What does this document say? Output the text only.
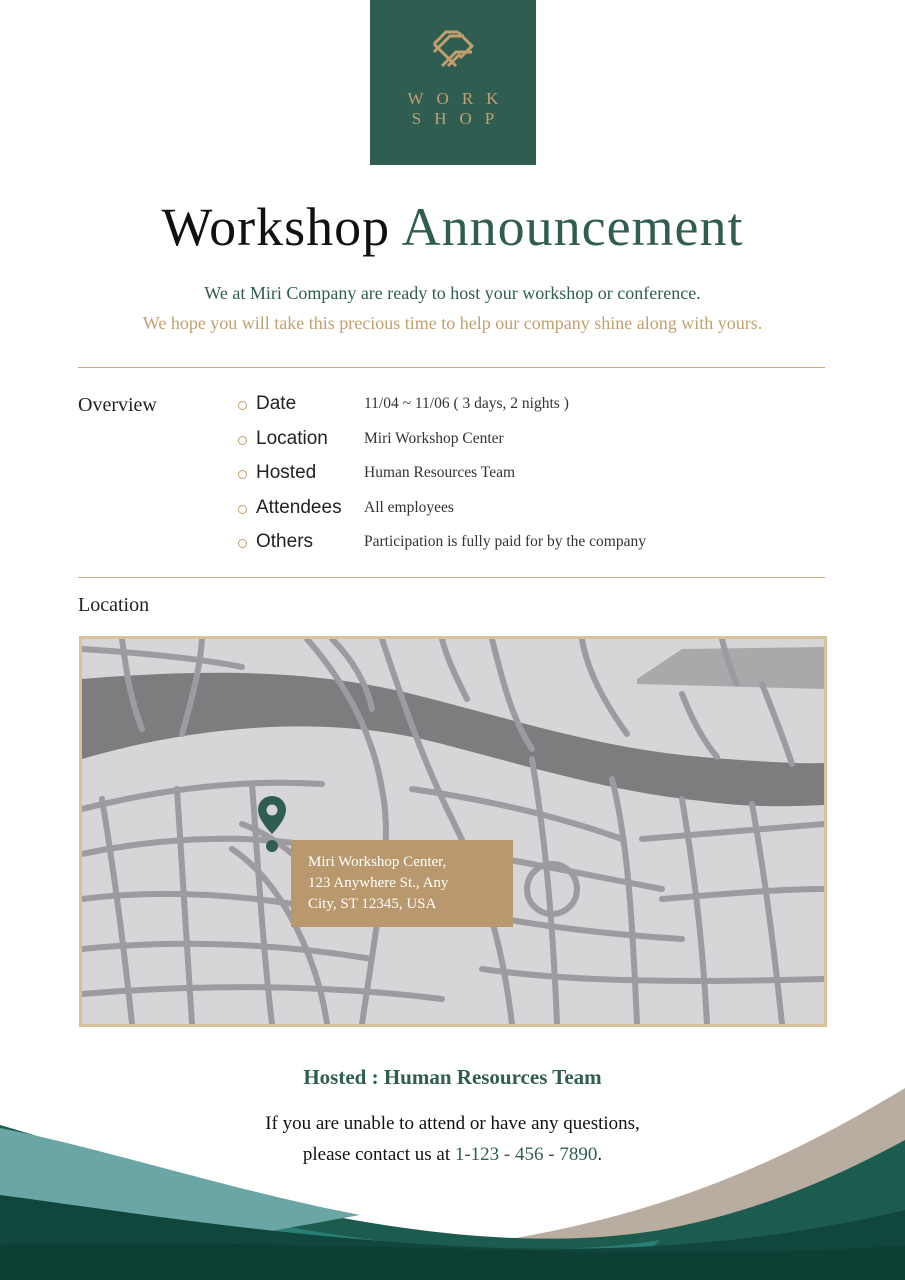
WORK
SHOP
Workshop Announcement
We at Miri Company are ready to host your workshop or conference.
We hope you will take this precious time to help our company shine along with yours.
Overview	Date	11/04 ~ 11/06 ( 3 days, 2 nights )
Location Miri Workshop Center
Hosted	Human Resources Team
Attendees All employees
Others	Participation is fully paid for by the company
Location
Miri Workshop Center,
123 Anywhere St., Any
City, ST 12345, USA
Hosted : Human Resources Team
If you are unable to attend or have any questions,
please contact us at 1-123 - 456 - 7890.
